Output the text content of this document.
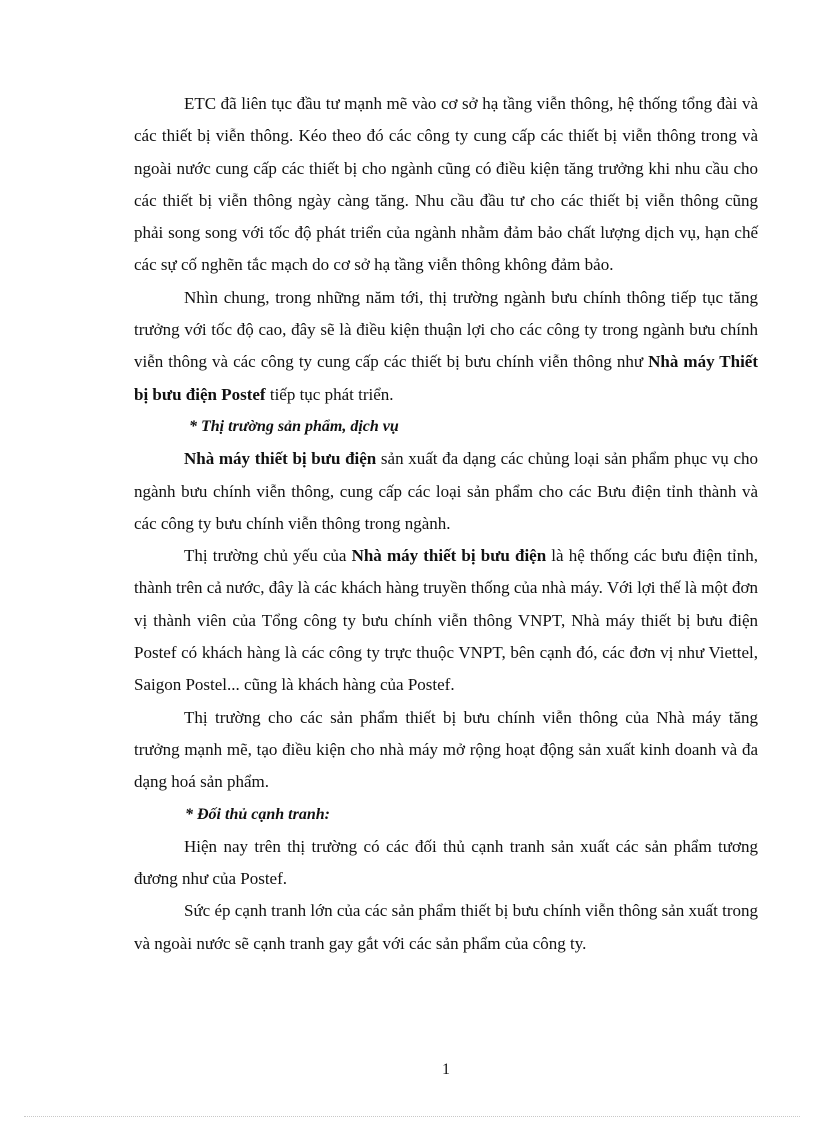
ETC đã liên tục đầu tư mạnh mẽ vào cơ sở hạ tầng viễn thông, hệ thống tổng đài và các thiết bị viễn thông. Kéo theo đó các công ty cung cấp các thiết bị viễn thông trong và ngoài nước cung cấp các thiết bị cho ngành cũng có điều kiện tăng trưởng khi nhu cầu cho các thiết bị viễn thông ngày càng tăng. Nhu cầu đầu tư cho các thiết bị viễn thông cũng phải song song với tốc độ phát triển của ngành nhằm đảm bảo chất lượng dịch vụ, hạn chế các sự cố nghẽn tắc mạch do cơ sở hạ tầng viễn thông không đảm bảo.

Nhìn chung, trong những năm tới, thị trường ngành bưu chính thông tiếp tục tăng trưởng với tốc độ cao, đây sẽ là điều kiện thuận lợi cho các công ty trong ngành bưu chính viễn thông và các công ty cung cấp các thiết bị bưu chính viễn thông như Nhà máy Thiết bị bưu điện Postef tiếp tục phát triển.

* Thị trường sản phẩm, dịch vụ

Nhà máy thiết bị bưu điện sản xuất đa dạng các chủng loại sản phẩm phục vụ cho ngành bưu chính viễn thông, cung cấp các loại sản phẩm cho các Bưu điện tỉnh thành và các công ty bưu chính viễn thông trong ngành.

Thị trường chủ yếu của Nhà máy thiết bị bưu điện là hệ thống các bưu điện tỉnh, thành trên cả nước, đây là các khách hàng truyền thống của nhà máy. Với lợi thế là một đơn vị thành viên của Tổng công ty bưu chính viễn thông VNPT, Nhà máy thiết bị bưu điện Postef có khách hàng là các công ty trực thuộc VNPT, bên cạnh đó, các đơn vị như Viettel, Saigon Postel... cũng là khách hàng của Postef.

Thị trường cho các sản phẩm thiết bị bưu chính viễn thông của Nhà máy tăng trưởng mạnh mẽ, tạo điều kiện cho nhà máy mở rộng hoạt động sản xuất kinh doanh và đa dạng hoá sản phẩm.

* Đối thủ cạnh tranh:

Hiện nay trên thị trường có các đối thủ cạnh tranh sản xuất các sản phẩm tương đương như của Postef.

Sức ép cạnh tranh lớn của các sản phẩm thiết bị bưu chính viễn thông sản xuất trong và ngoài nước sẽ cạnh tranh gay gắt với các sản phẩm của công ty.

1
